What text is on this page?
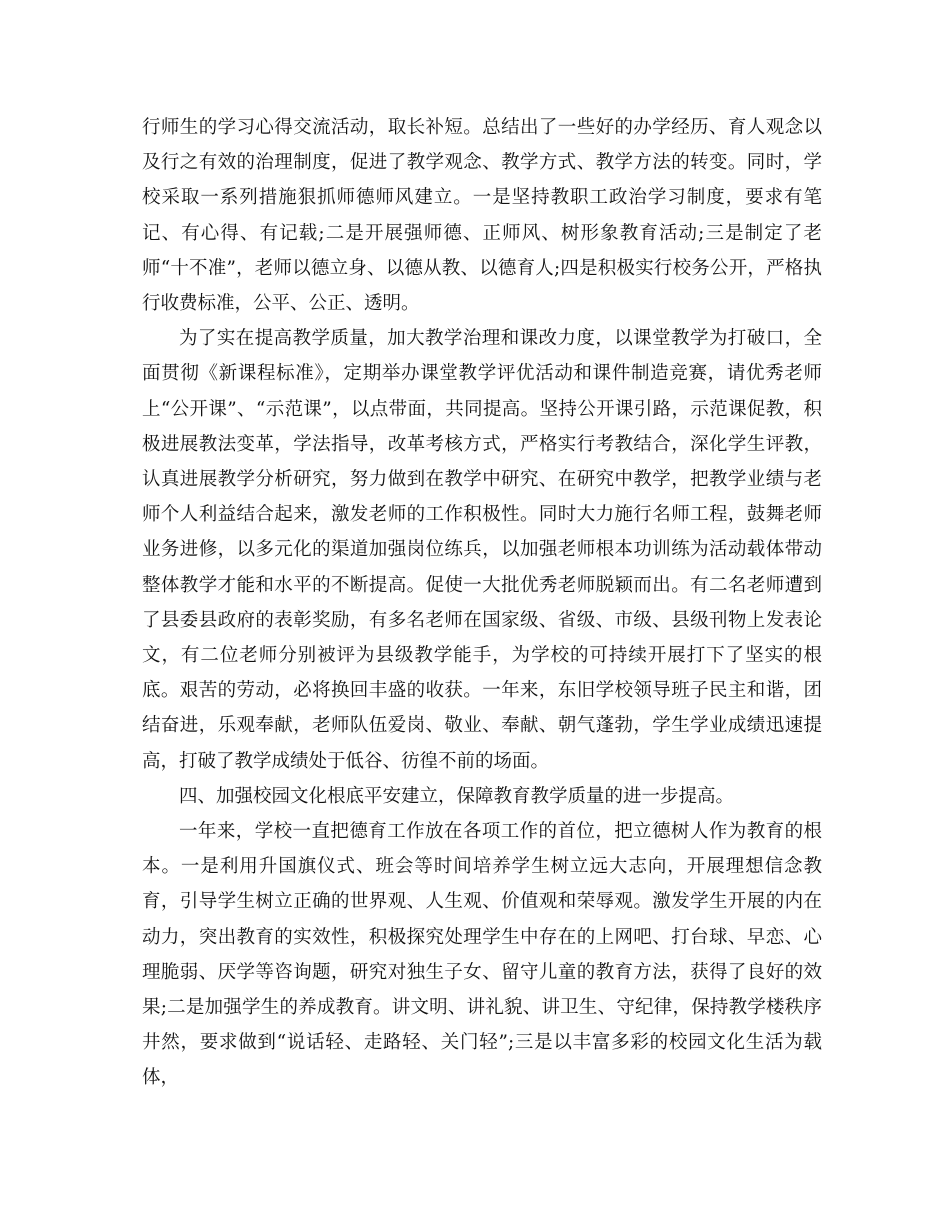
行师生的学习心得交流活动，取长补短。总结出了一些好的办学经历、育人观念以及行之有效的治理制度，促进了教学观念、教学方式、教学方法的转变。同时，学校采取一系列措施狠抓师德师风建立。一是坚持教职工政治学习制度，要求有笔记、有心得、有记载;二是开展强师德、正师风、树形象教育活动;三是制定了老师“十不准”，老师以德立身、以德从教、以德育人;四是积极实行校务公开，严格执行收费标准，公平、公正、透明。

为了实在提高教学质量，加大教学治理和课改力度，以课堂教学为打破口，全面贯彻《新课程标准》，定期举办课堂教学评优活动和课件制造竞赛，请优秀老师上“公开课”、“示范课”，以点带面，共同提高。坚持公开课引路，示范课促教，积极进展教法变革，学法指导，改革考核方式，严格实行考教结合，深化学生评教，认真进展教学分析研究，努力做到在教学中研究、在研究中教学，把教学业绩与老师个人利益结合起来，激发老师的工作积极性。同时大力施行名师工程，鼓舞老师业务进修，以多元化的渠道加强岗位练兵，以加强老师根本功训练为活动载体带动整体教学才能和水平的不断提高。促使一大批优秀老师脱颖而出。有二名老师遭到了县委县政府的表彰奖励，有多名老师在国家级、省级、市级、县级刊物上发表论文，有二位老师分别被评为县级教学能手，为学校的可持续开展打下了坚实的根底。艰苦的劳动，必将换回丰盛的收获。一年来，东旧学校领导班子民主和谐，团结奋进，乐观奉献，老师队伍爱岗、敬业、奉献、朝气蓬勃，学生学业成绩迅速提高，打破了教学成绩处于低谷、彷徨不前的场面。

四、加强校园文化根底平安建立，保障教育教学质量的进一步提高。

一年来，学校一直把德育工作放在各项工作的首位，把立德树人作为教育的根本。一是利用升国旗仪式、班会等时间培养学生树立远大志向，开展理想信念教育，引导学生树立正确的世界观、人生观、价值观和荣辱观。激发学生开展的内在动力，突出教育的实效性，积极探究处理学生中存在的上网吧、打台球、早恋、心理脆弱、厌学等咨询题，研究对独生子女、留守儿童的教育方法，获得了良好的效果;二是加强学生的养成教育。讲文明、讲礼貌、讲卫生、守纪律，保持教学楼秩序井然，要求做到“说话轻、走路轻、关门轻”;三是以丰富多彩的校园文化生活为载体，
